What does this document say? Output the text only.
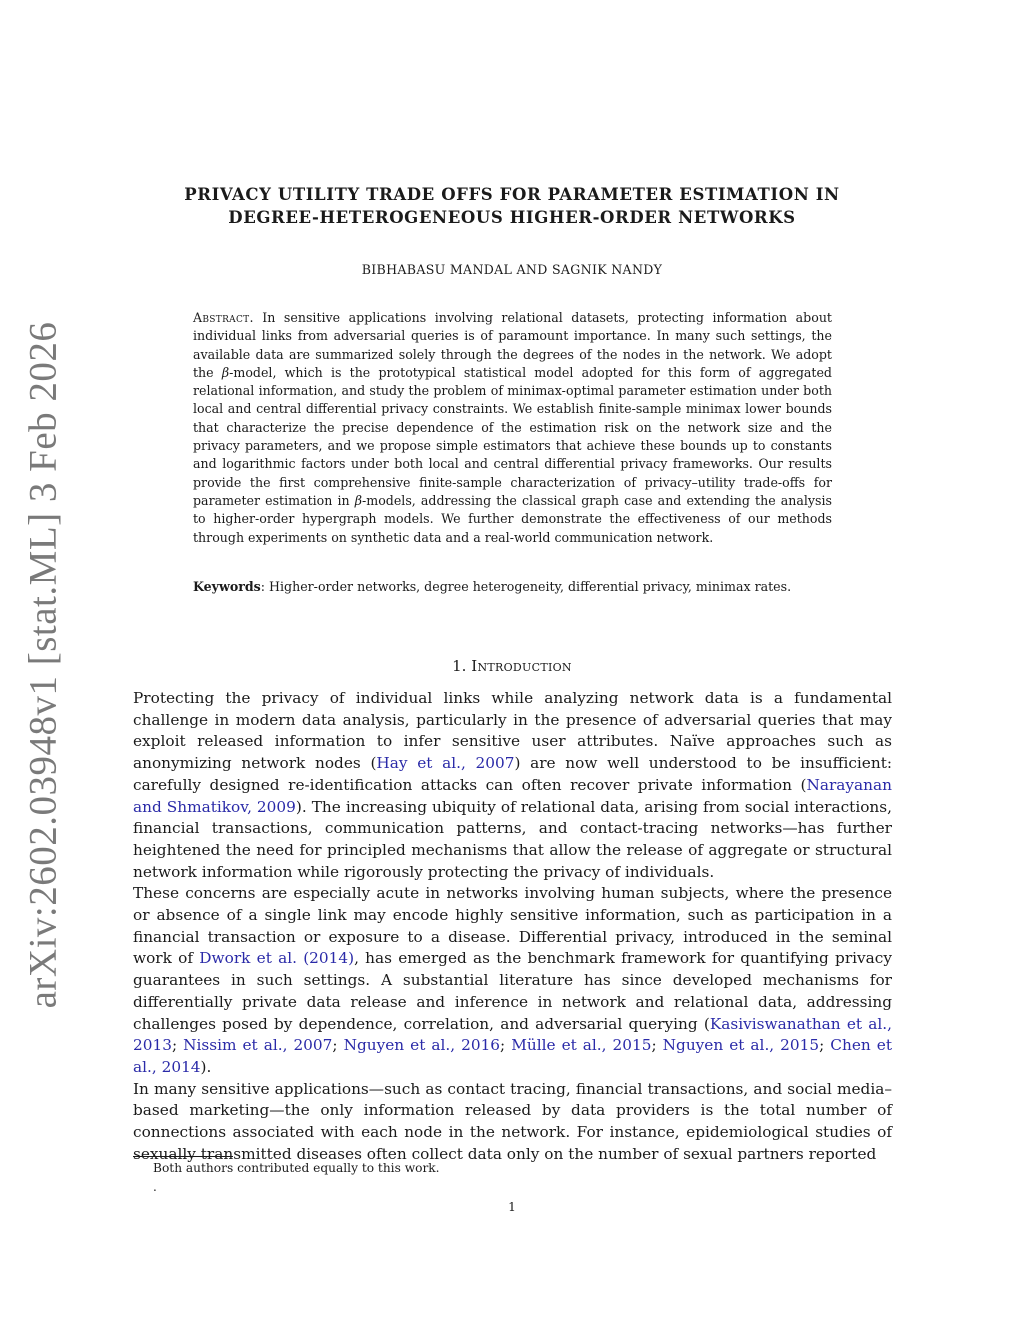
arXiv:2602.03948v1 [stat.ML] 3 Feb 2026
PRIVACY UTILITY TRADE OFFS FOR PARAMETER ESTIMATION IN
DEGREE-HETEROGENEOUS HIGHER-ORDER NETWORKS
BIBHABASU MANDAL AND SAGNIK NANDY
Abstract. In sensitive applications involving relational datasets, protecting information about individual links from adversarial queries is of paramount importance. In many such settings, the available data are summarized solely through the degrees of the nodes in the network. We adopt the β-model, which is the prototypical statistical model adopted for this form of aggregated relational information, and study the problem of minimax-optimal parameter estimation under both local and central differential privacy constraints. We establish finite-sample minimax lower bounds that characterize the precise dependence of the estimation risk on the network size and the privacy parameters, and we propose simple estimators that achieve these bounds up to constants and logarithmic factors under both local and central differential privacy frameworks. Our results provide the first comprehensive finite-sample characterization of privacy–utility trade-offs for parameter estimation in β-models, addressing the classical graph case and extending the analysis to higher-order hypergraph models. We further demonstrate the effectiveness of our methods through experiments on synthetic data and a real-world communication network.
Keywords: Higher-order networks, degree heterogeneity, differential privacy, minimax rates.
1. Introduction

Protecting the privacy of individual links while analyzing network data is a fundamental challenge in modern data analysis, particularly in the presence of adversarial queries that may exploit released information to infer sensitive user attributes. Naïve approaches such as anonymizing network nodes (Hay et al., 2007) are now well understood to be insufficient: carefully designed re-identification attacks can often recover private information (Narayanan and Shmatikov, 2009). The increasing ubiquity of relational data, arising from social interactions, financial transactions, communication patterns, and contact-tracing networks—has further heightened the need for principled mechanisms that allow the release of aggregate or structural network information while rigorously protecting the privacy of individuals.

These concerns are especially acute in networks involving human subjects, where the presence or absence of a single link may encode highly sensitive information, such as participation in a financial transaction or exposure to a disease. Differential privacy, introduced in the seminal work of Dwork et al. (2014), has emerged as the benchmark framework for quantifying privacy guarantees in such settings. A substantial literature has since developed mechanisms for differentially private data release and inference in network and relational data, addressing challenges posed by dependence, correlation, and adversarial querying (Kasiviswanathan et al., 2013; Nissim et al., 2007; Nguyen et al., 2016; Mülle et al., 2015; Nguyen et al., 2015; Chen et al., 2014).

In many sensitive applications—such as contact tracing, financial transactions, and social media–based marketing—the only information released by data providers is the total number of connections associated with each node in the network. For instance, epidemiological studies of sexually transmitted diseases often collect data only on the number of sexual partners reported

Both authors contributed equally to this work.
.
1
